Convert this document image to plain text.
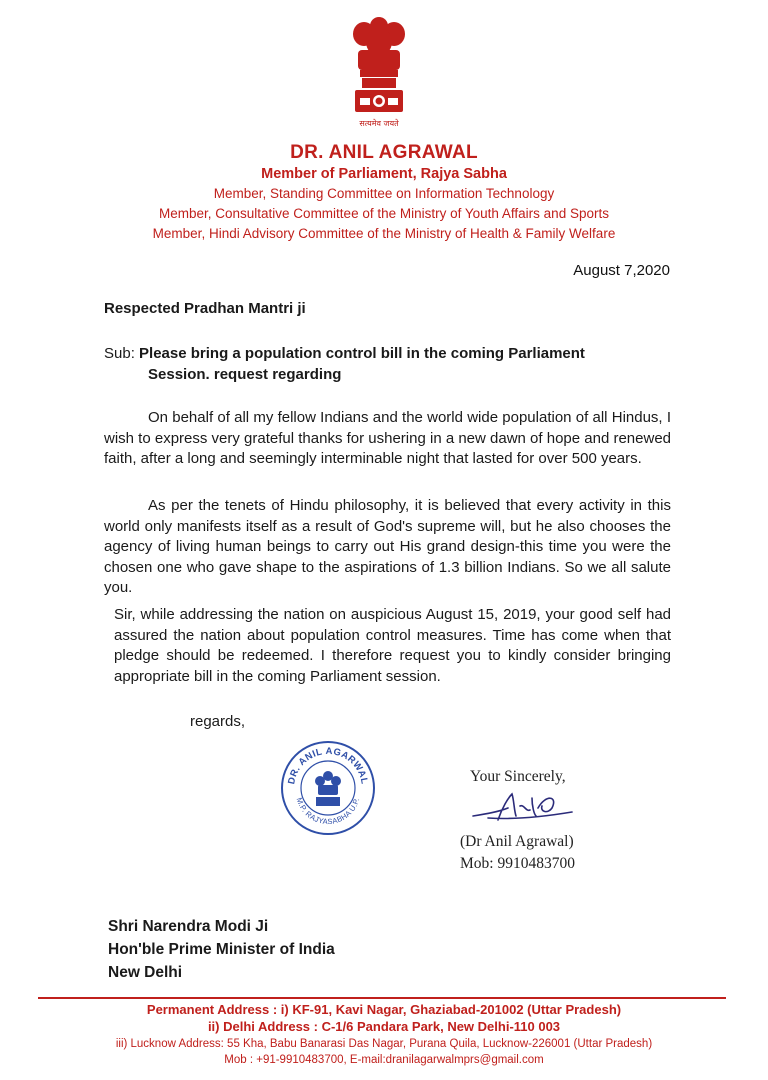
सत्यमेव जयते
DR. ANIL AGRAWAL
Member of Parliament, Rajya Sabha
Member, Standing Committee on Information Technology
Member, Consultative Committee of the Ministry of Youth Affairs and Sports
Member, Hindi Advisory Committee of the Ministry of Health & Family Welfare
August 7,2020
Respected Pradhan Mantri ji
Sub: Please bring a population control bill in the coming Parliament
Session. request regarding
On behalf of all my fellow Indians and the world wide population of all Hindus, I wish to express very grateful thanks for ushering in a new dawn of hope and renewed faith, after a long and seemingly interminable night that lasted for over 500 years.
As per the tenets of Hindu philosophy, it is believed that every activity in this world only manifests itself as a result of God's supreme will, but he also chooses the agency of living human beings to carry out His grand design-this time you were the chosen one who gave shape to the aspirations of 1.3 billion Indians. So we all salute you.
Sir, while addressing the nation on auspicious August 15, 2019, your good self had assured the nation about population control measures. Time has come when that pledge should be redeemed. I therefore request you to kindly consider bringing appropriate bill in the coming Parliament session.
regards,
DR. ANIL AGARWAL
M.P. RAJYASABHA U.P.
Your Sincerely,
(Dr Anil Agrawal)
Mob: 9910483700
Shri Narendra Modi Ji
Hon'ble Prime Minister of India
New Delhi
Permanent Address : i) KF-91, Kavi Nagar, Ghaziabad-201002 (Uttar Pradesh)
ii) Delhi Address : C-1/6 Pandara Park, New Delhi-110 003
iii) Lucknow Address: 55 Kha, Babu Banarasi Das Nagar, Purana Quila, Lucknow-226001 (Uttar Pradesh)
Mob : +91-9910483700, E-mail:dranilagarwalmprs@gmail.com
